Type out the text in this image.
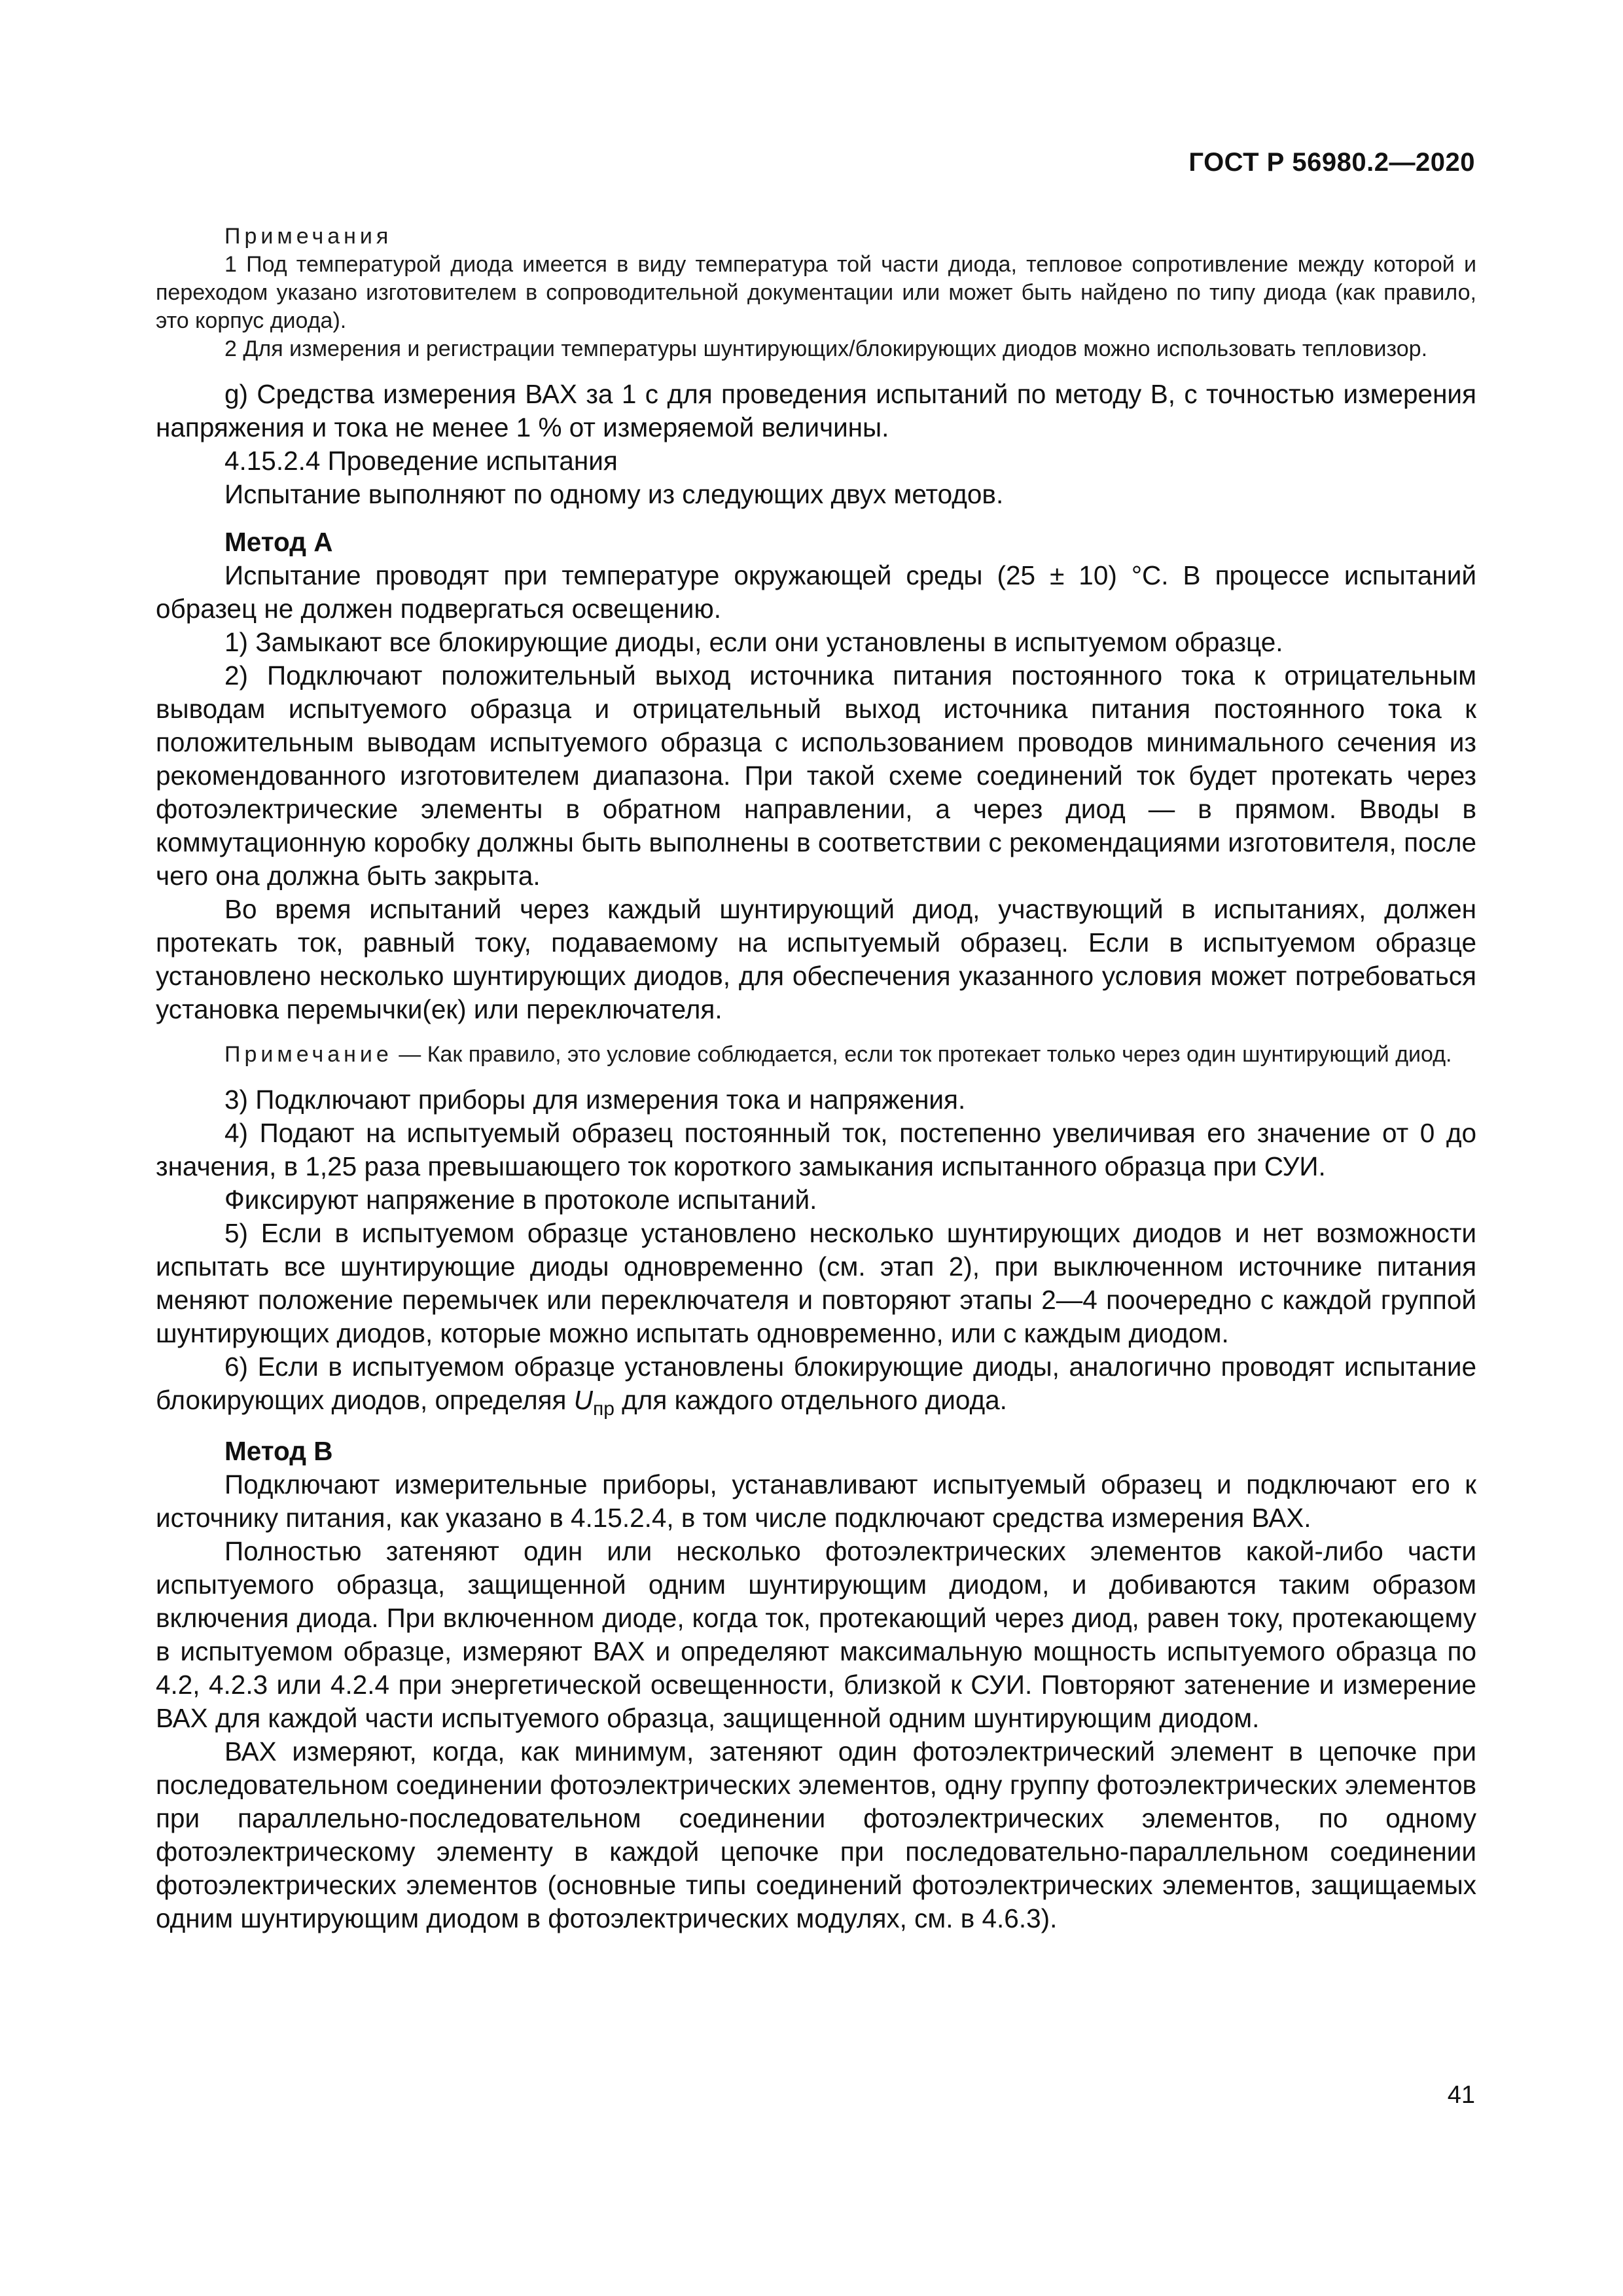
ГОСТ Р 56980.2—2020

Примечания

1 Под температурой диода имеется в виду температура той части диода, тепловое сопротивление между которой и переходом указано изготовителем в сопроводительной документации или может быть найдено по типу диода (как правило, это корпус диода).

2 Для измерения и регистрации температуры шунтирующих/блокирующих диодов можно использовать тепловизор.

g) Средства измерения ВАХ за 1 с для проведения испытаний по методу B, с точностью измерения напряжения и тока не менее 1 % от измеряемой величины.

4.15.2.4 Проведение испытания

Испытание выполняют по одному из следующих двух методов.

Метод А

Испытание проводят при температуре окружающей среды (25 ± 10) °С. В процессе испытаний образец не должен подвергаться освещению.

1) Замыкают все блокирующие диоды, если они установлены в испытуемом образце.

2) Подключают положительный выход источника питания постоянного тока к отрицательным выводам испытуемого образца и отрицательный выход источника питания постоянного тока к положительным выводам испытуемого образца с использованием проводов минимального сечения из рекомендованного изготовителем диапазона. При такой схеме соединений ток будет протекать через фотоэлектрические элементы в обратном направлении, а через диод — в прямом. Вводы в коммутационную коробку должны быть выполнены в соответствии с рекомендациями изготовителя, после чего она должна быть закрыта.

Во время испытаний через каждый шунтирующий диод, участвующий в испытаниях, должен протекать ток, равный току, подаваемому на испытуемый образец. Если в испытуемом образце установлено несколько шунтирующих диодов, для обеспечения указанного условия может потребоваться установка перемычки(ек) или переключателя.

Примечание — Как правило, это условие соблюдается, если ток протекает только через один шунтирующий диод.

3) Подключают приборы для измерения тока и напряжения.

4) Подают на испытуемый образец постоянный ток, постепенно увеличивая его значение от 0 до значения, в 1,25 раза превышающего ток короткого замыкания испытанного образца при СУИ.

Фиксируют напряжение в протоколе испытаний.

5) Если в испытуемом образце установлено несколько шунтирующих диодов и нет возможности испытать все шунтирующие диоды одновременно (см. этап 2), при выключенном источнике питания меняют положение перемычек или переключателя и повторяют этапы 2—4 поочередно с каждой группой шунтирующих диодов, которые можно испытать одновременно, или с каждым диодом.

6) Если в испытуемом образце установлены блокирующие диоды, аналогично проводят испытание блокирующих диодов, определяя $U_{пр}$ для каждого отдельного диода.

Метод В

Подключают измерительные приборы, устанавливают испытуемый образец и подключают его к источнику питания, как указано в 4.15.2.4, в том числе подключают средства измерения ВАХ.

Полностью затеняют один или несколько фотоэлектрических элементов какой-либо части испытуемого образца, защищенной одним шунтирующим диодом, и добиваются таким образом включения диода. При включенном диоде, когда ток, протекающий через диод, равен току, протекающему в испытуемом образце, измеряют ВАХ и определяют максимальную мощность испытуемого образца по 4.2, 4.2.3 или 4.2.4 при энергетической освещенности, близкой к СУИ. Повторяют затенение и измерение ВАХ для каждой части испытуемого образца, защищенной одним шунтирующим диодом.

ВАХ измеряют, когда, как минимум, затеняют один фотоэлектрический элемент в цепочке при последовательном соединении фотоэлектрических элементов, одну группу фотоэлектрических элементов при параллельно-последовательном соединении фотоэлектрических элементов, по одному фотоэлектрическому элементу в каждой цепочке при последовательно-параллельном соединении фотоэлектрических элементов (основные типы соединений фотоэлектрических элементов, защищаемых одним шунтирующим диодом в фотоэлектрических модулях, см. в 4.6.3).

41
